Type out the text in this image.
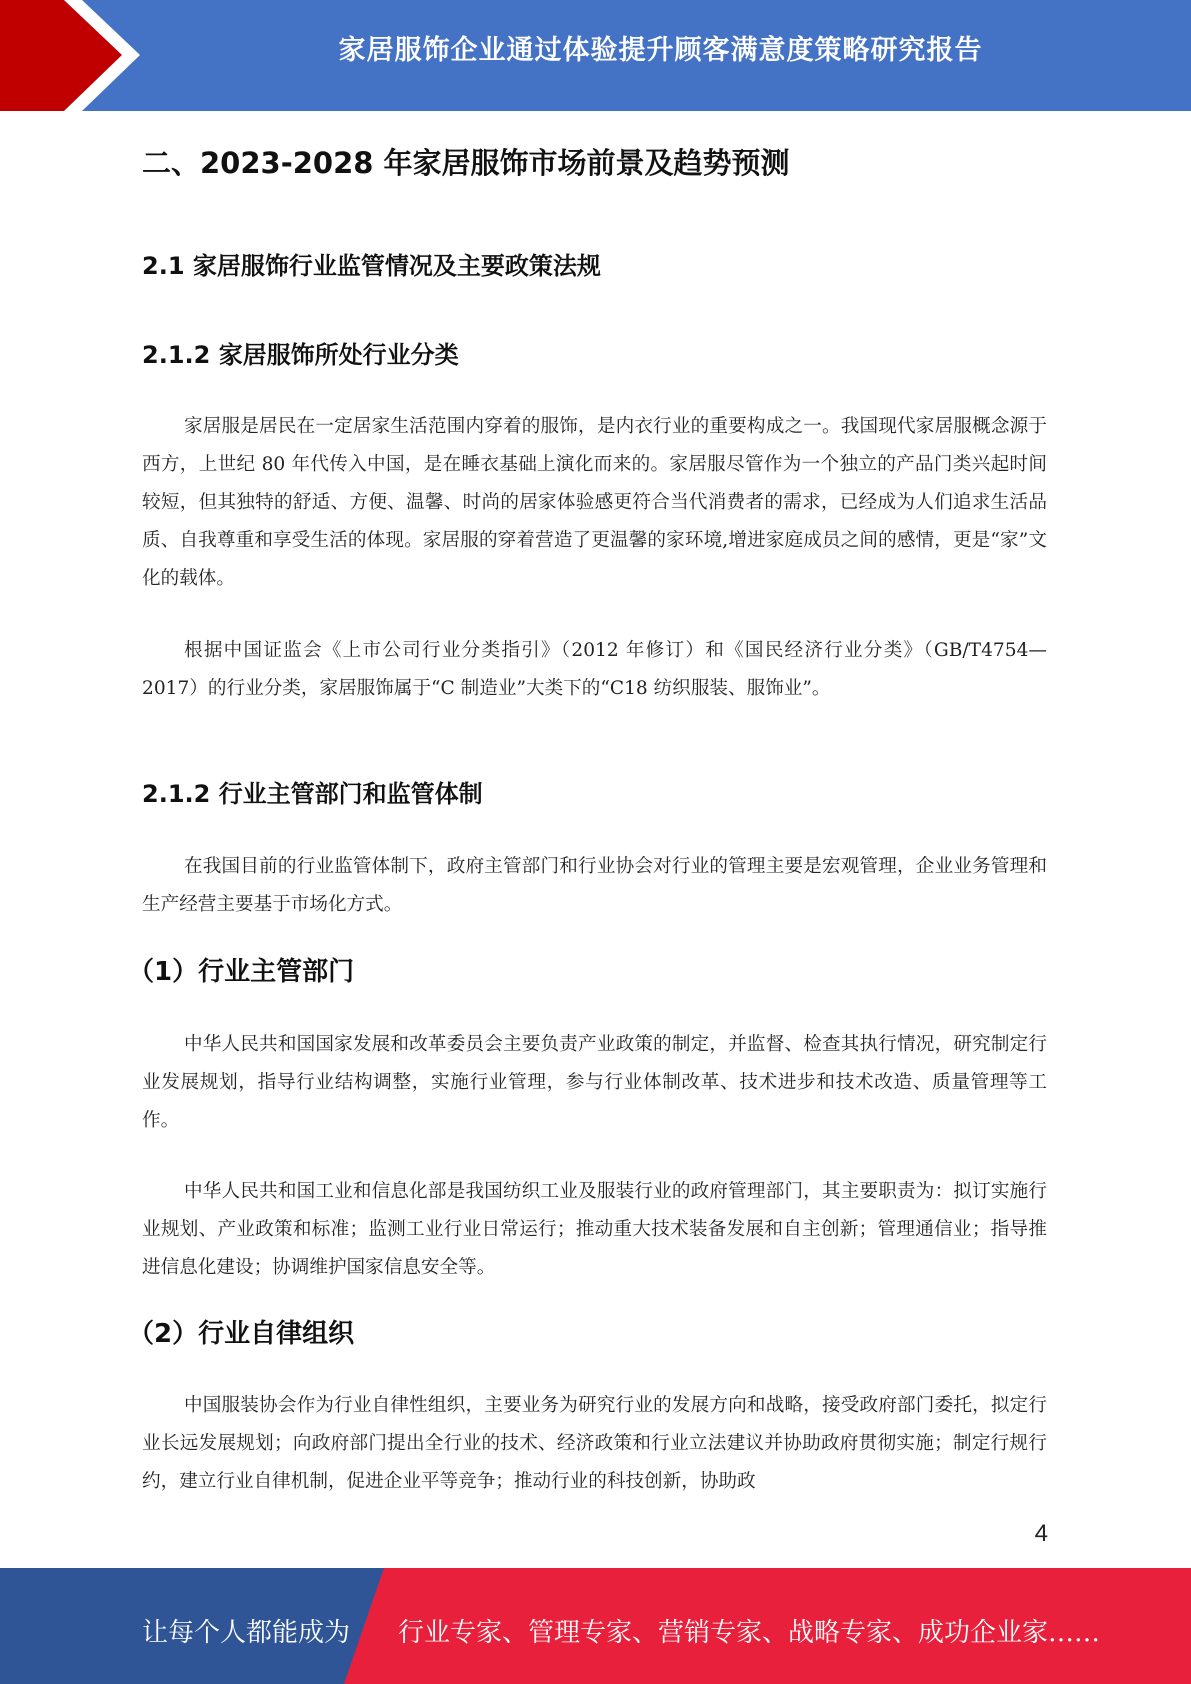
家居服饰企业通过体验提升顾客满意度策略研究报告
二、2023-2028 年家居服饰市场前景及趋势预测
2.1 家居服饰行业监管情况及主要政策法规
2.1.2 家居服饰所处行业分类
家居服是居民在一定居家生活范围内穿着的服饰，是内衣行业的重要构成之一。我国现代家居服概念源于西方，上世纪 80 年代传入中国，是在睡衣基础上演化而来的。家居服尽管作为一个独立的产品门类兴起时间较短，但其独特的舒适、方便、温馨、时尚的居家体验感更符合当代消费者的需求，已经成为人们追求生活品质、自我尊重和享受生活的体现。家居服的穿着营造了更温馨的家环境,增进家庭成员之间的感情，更是“家”文化的载体。
根据中国证监会《上市公司行业分类指引》（2012 年修订）和《国民经济行业分类》（GB/T4754—2017）的行业分类，家居服饰属于“C 制造业”大类下的“C18 纺织服装、服饰业”。
2.1.2 行业主管部门和监管体制
在我国目前的行业监管体制下，政府主管部门和行业协会对行业的管理主要是宏观管理，企业业务管理和生产经营主要基于市场化方式。
（1）行业主管部门
中华人民共和国国家发展和改革委员会主要负责产业政策的制定，并监督、检查其执行情况，研究制定行业发展规划，指导行业结构调整，实施行业管理，参与行业体制改革、技术进步和技术改造、质量管理等工作。
中华人民共和国工业和信息化部是我国纺织工业及服装行业的政府管理部门，其主要职责为：拟订实施行业规划、产业政策和标准；监测工业行业日常运行；推动重大技术装备发展和自主创新；管理通信业；指导推进信息化建设；协调维护国家信息安全等。
（2）行业自律组织
中国服装协会作为行业自律性组织，主要业务为研究行业的发展方向和战略，接受政府部门委托，拟定行业长远发展规划；向政府部门提出全行业的技术、经济政策和行业立法建议并协助政府贯彻实施；制定行规行约，建立行业自律机制，促进企业平等竞争；推动行业的科技创新，协助政
4
让每个人都能成为 行业专家、管理专家、营销专家、战略专家、成功企业家……
